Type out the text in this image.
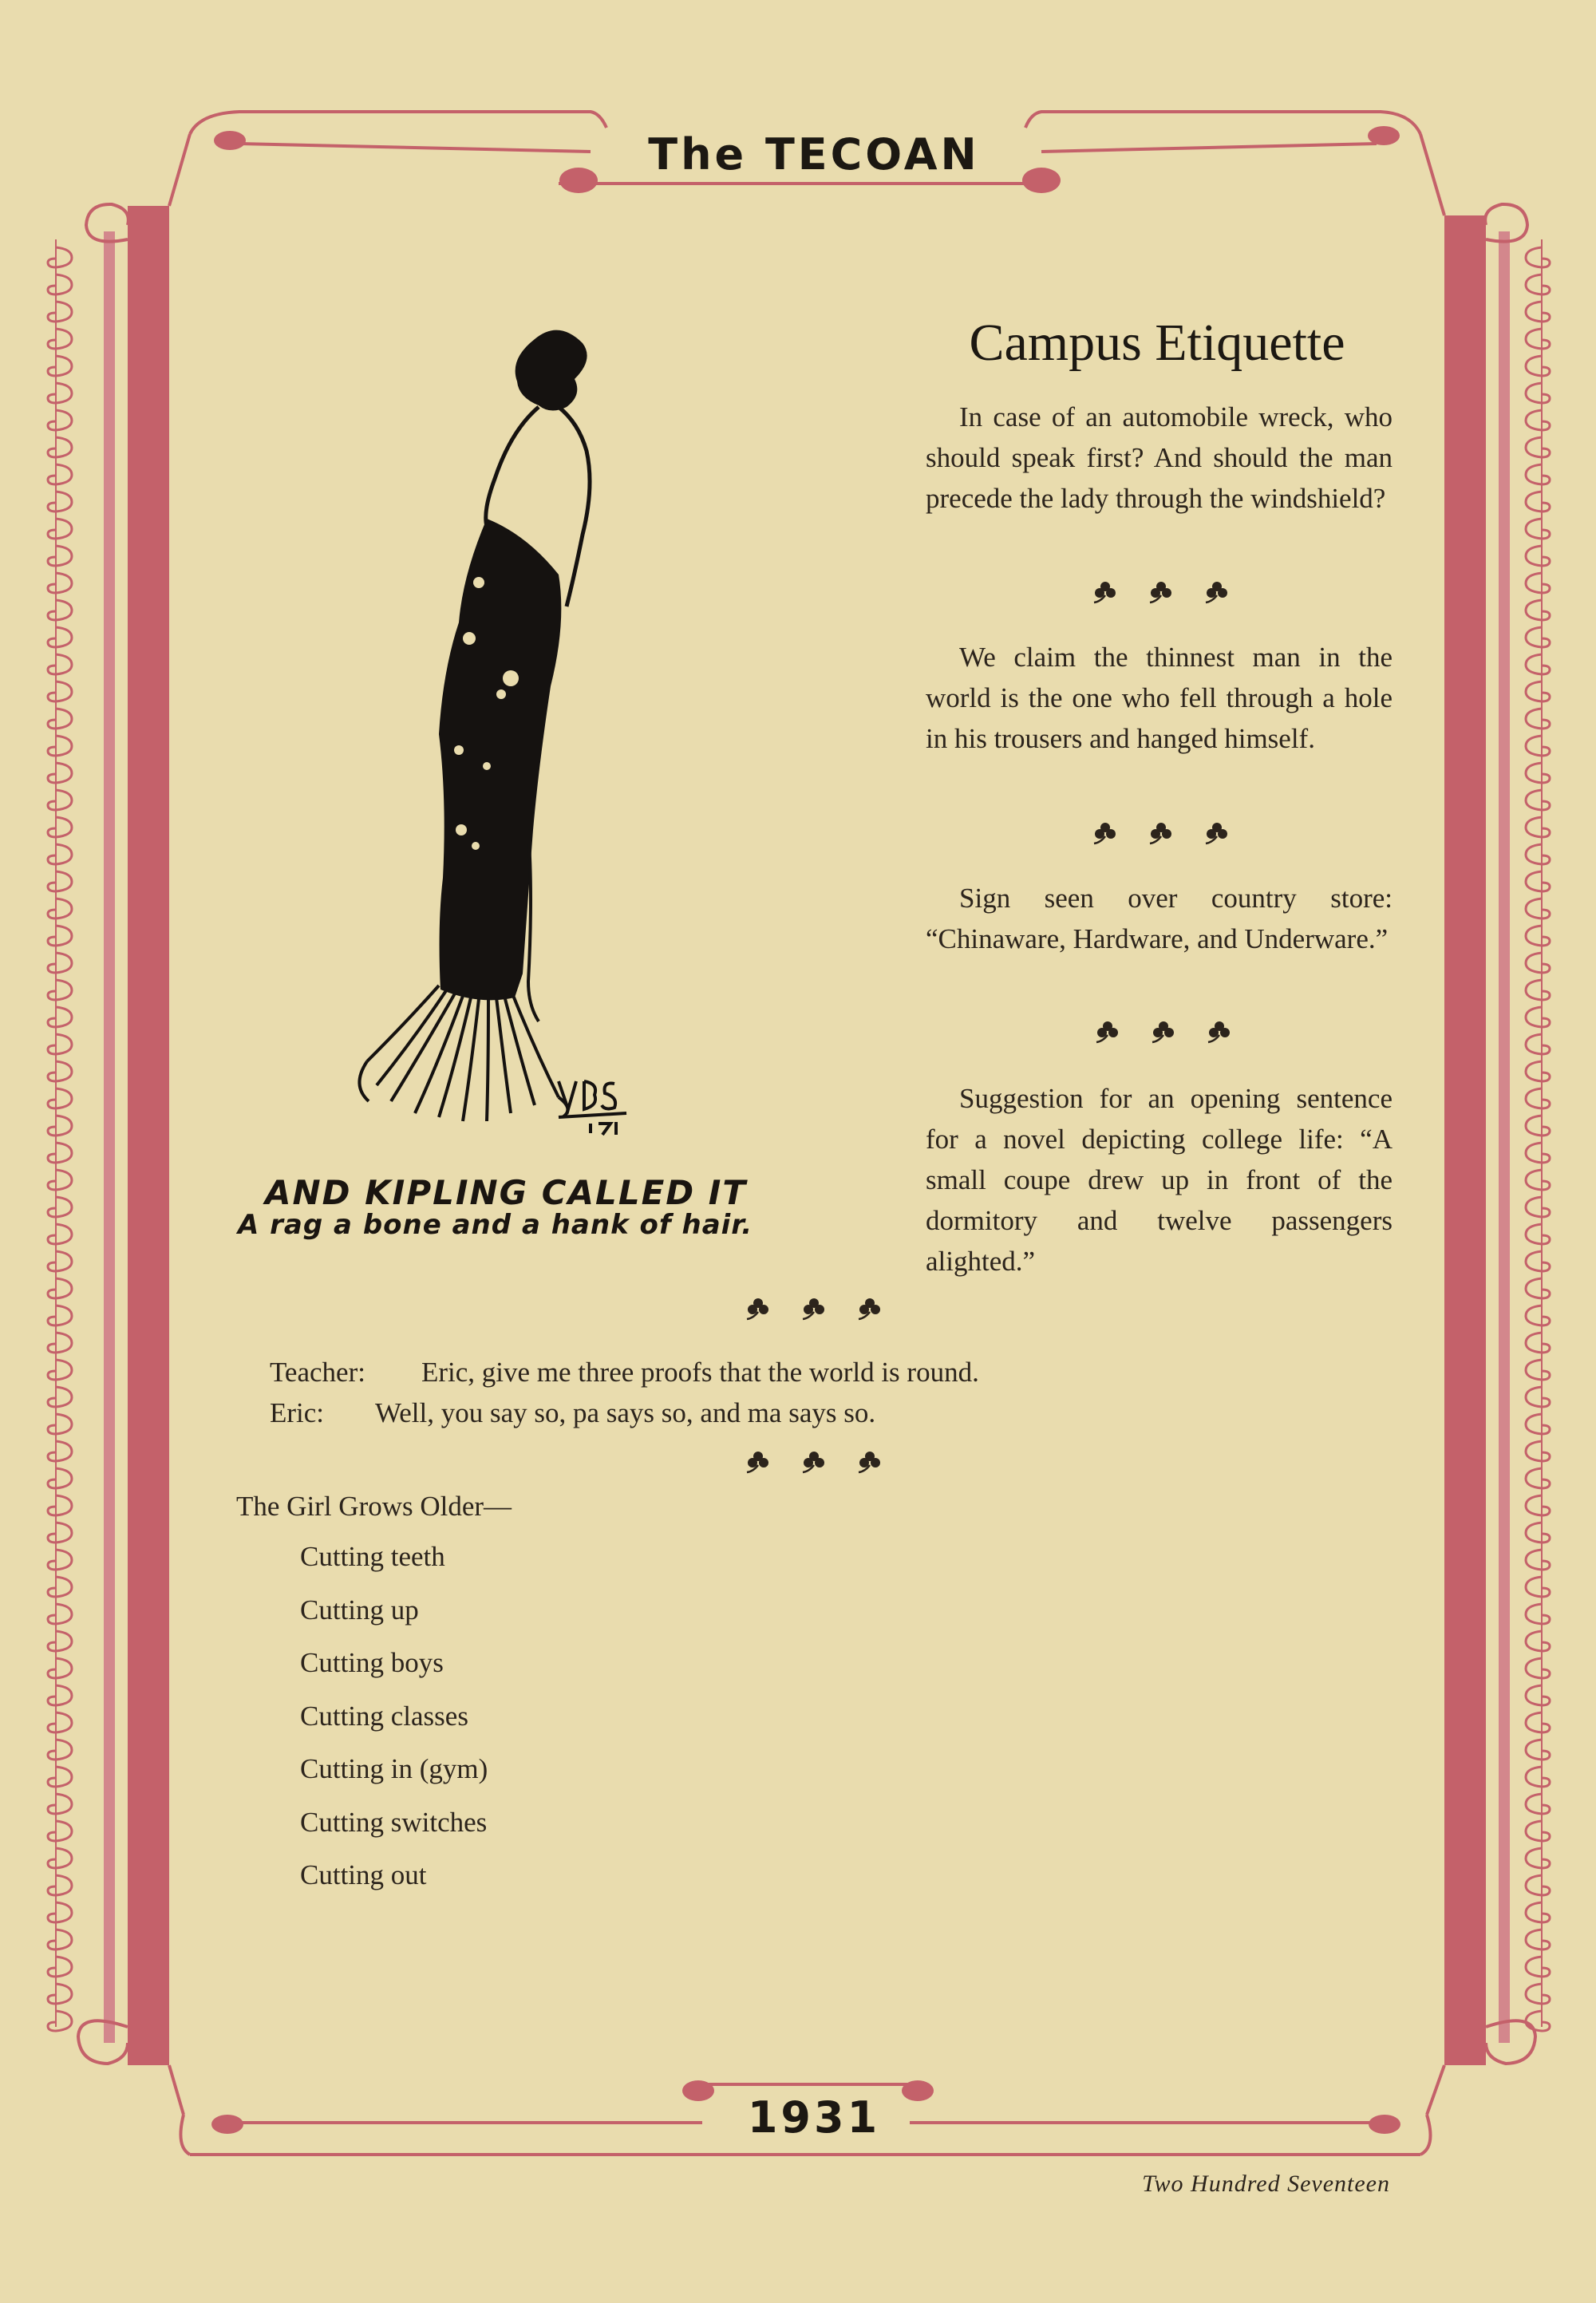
The TECOAN
AND KIPLING CALLED IT
A rag a bone and a hank of hair.
Campus Etiquette

In case of an automobile wreck, who should speak first? And should the man precede the lady through the windshield?

We claim the thinnest man in the world is the one who fell through a hole in his trousers and hanged himself.

Sign seen over country store: “Chinaware, Hardware, and Underware.”

Suggestion for an opening sentence for a novel depicting college life: “A small coupe drew up in front of the dormitory and twelve passengers alighted.”

Teacher: Eric, give me three proofs that the world is round.
Eric: Well, you say so, pa says so, and ma says so.
The Girl Grows Older—
Cutting teeth
Cutting up
Cutting boys
Cutting classes
Cutting in (gym)
Cutting switches
Cutting out
1931
Two Hundred Seventeen
